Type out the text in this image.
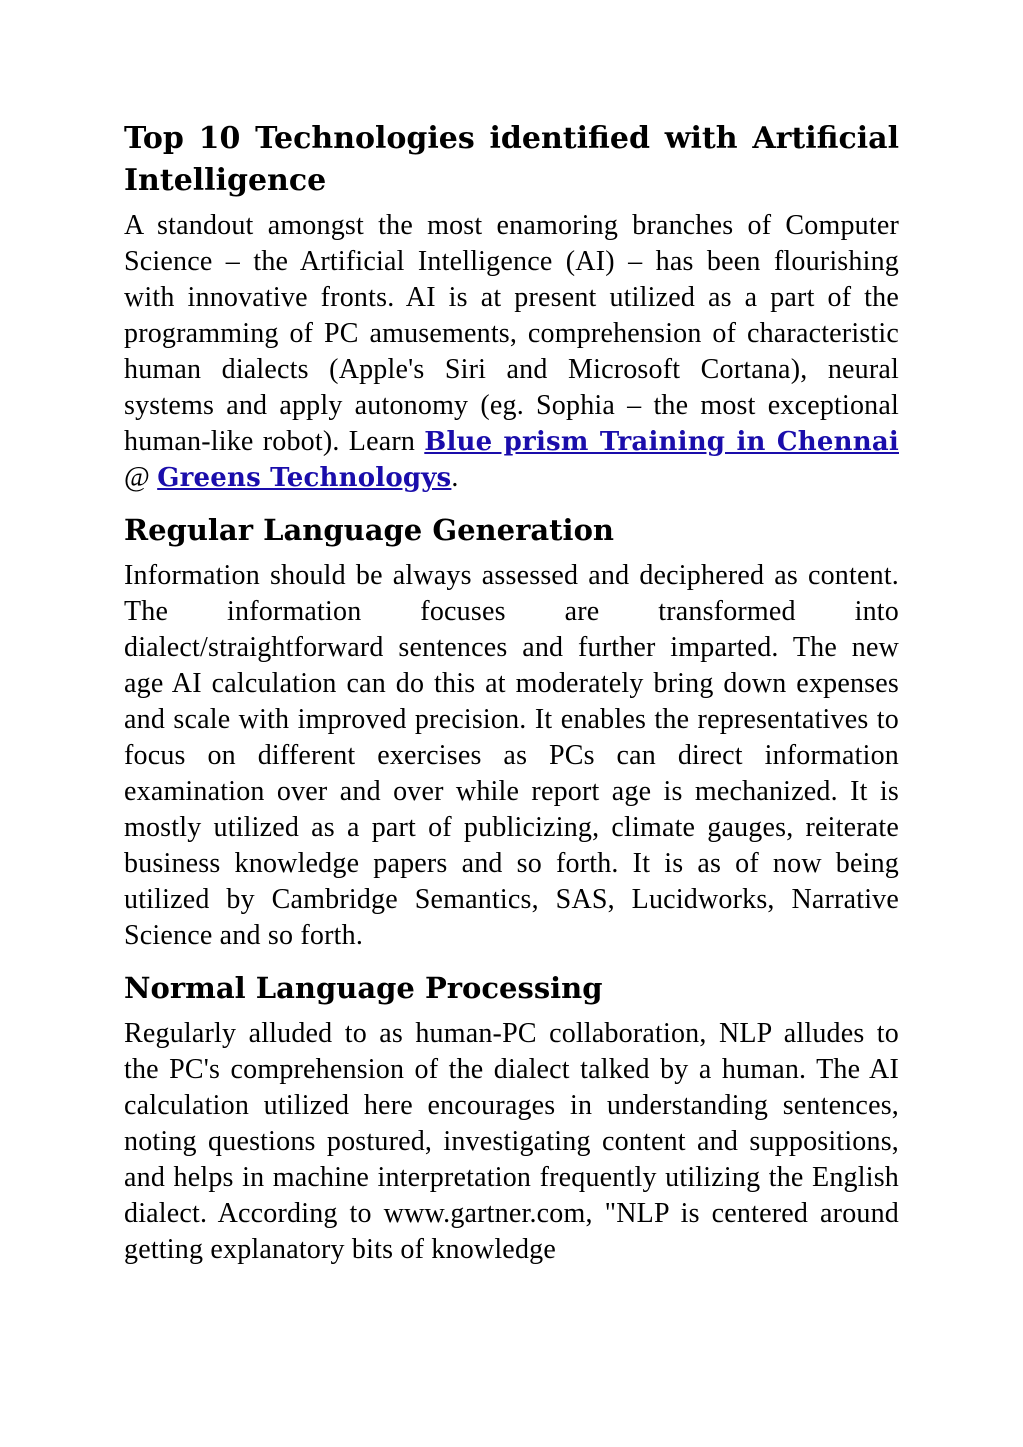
Top 10 Technologies identified with Artificial Intelligence

A standout amongst the most enamoring branches of Computer Science – the Artificial Intelligence (AI) – has been flourishing with innovative fronts. AI is at present utilized as a part of the programming of PC amusements, comprehension of characteristic human dialects (Apple's Siri and Microsoft Cortana), neural systems and apply autonomy (eg. Sophia – the most exceptional human-like robot). Learn Blue prism Training in Chennai @ Greens Technologys.

Regular Language Generation

Information should be always assessed and deciphered as content. The information focuses are transformed into dialect/straightforward sentences and further imparted. The new age AI calculation can do this at moderately bring down expenses and scale with improved precision. It enables the representatives to focus on different exercises as PCs can direct information examination over and over while report age is mechanized. It is mostly utilized as a part of publicizing, climate gauges, reiterate business knowledge papers and so forth. It is as of now being utilized by Cambridge Semantics, SAS, Lucidworks, Narrative Science and so forth.

Normal Language Processing

Regularly alluded to as human-PC collaboration, NLP alludes to the PC's comprehension of the dialect talked by a human. The AI calculation utilized here encourages in understanding sentences, noting questions postured, investigating content and suppositions, and helps in machine interpretation frequently utilizing the English dialect. According to www.gartner.com, "NLP is centered around getting explanatory bits of knowledge
